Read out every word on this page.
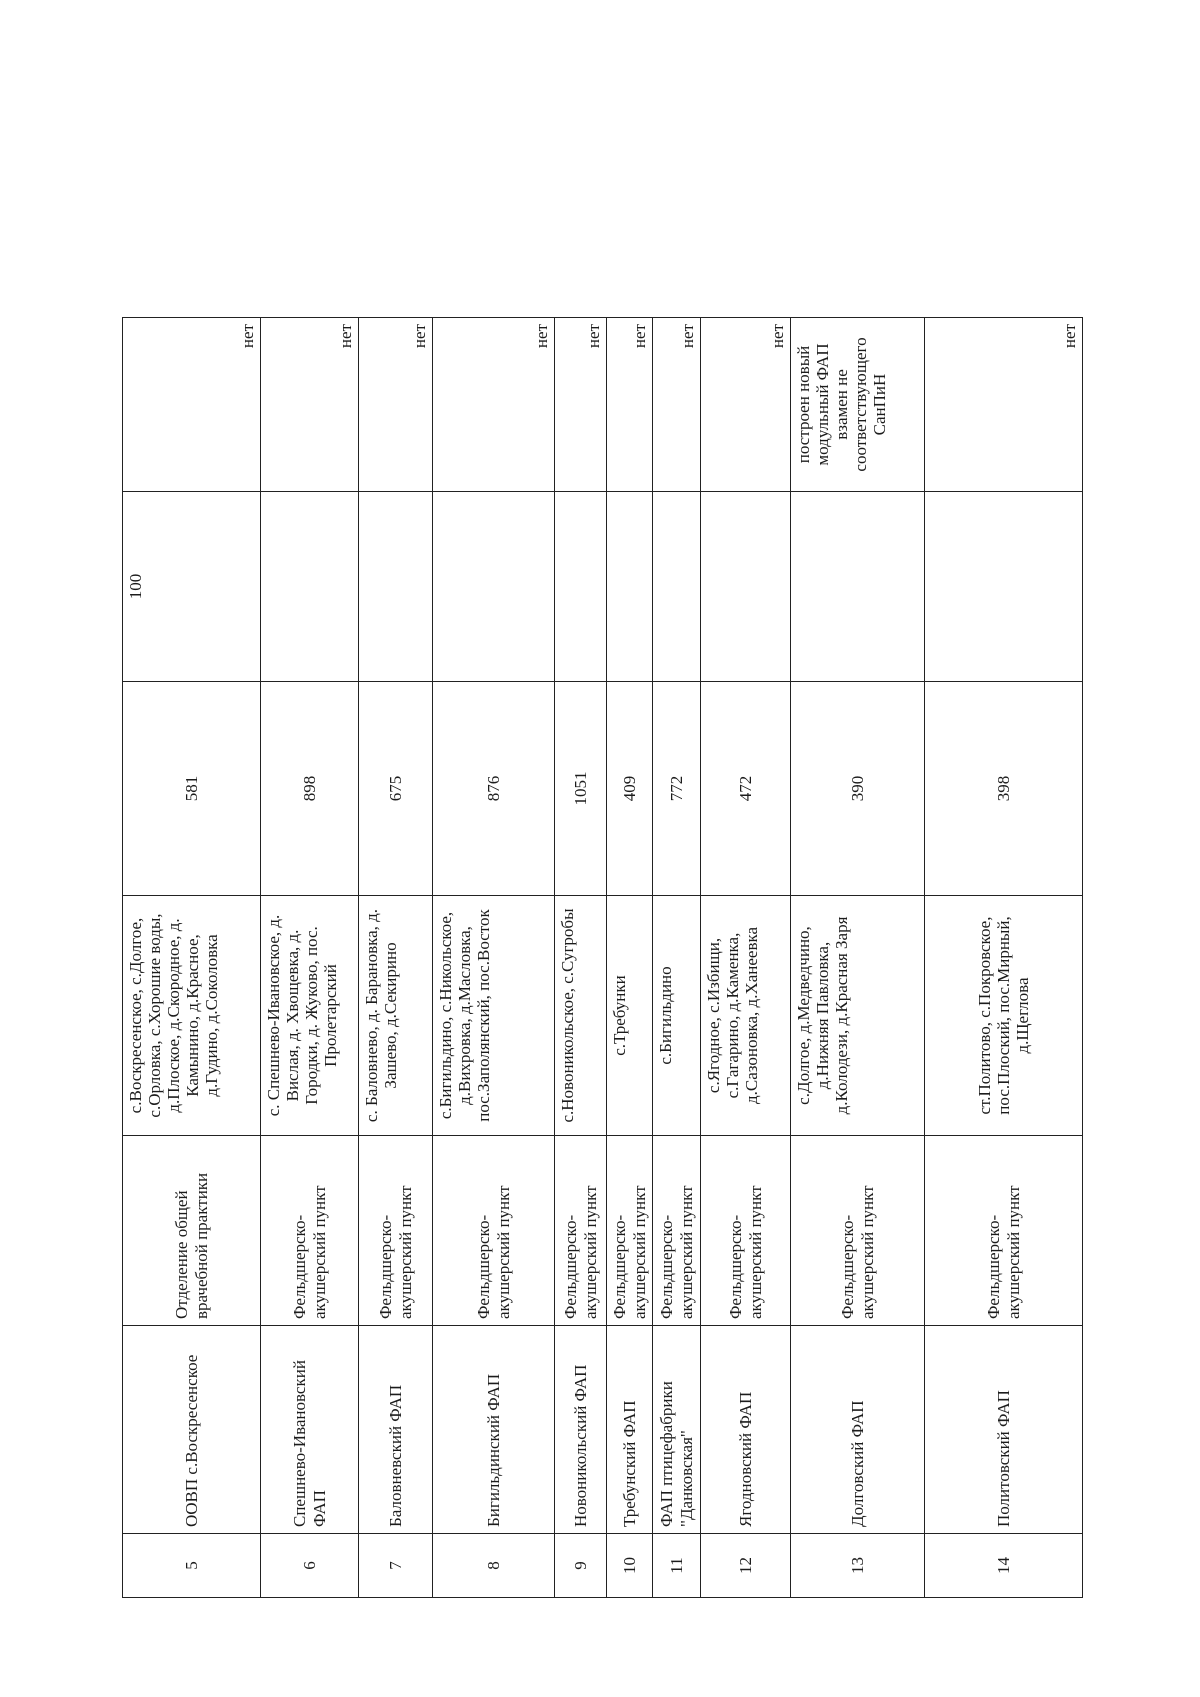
5	ООВП с.Воскресенское	Отделение общей врачебной практики	с.Воскресенское, с.Долгое, с.Орловка, с.Хорошие воды, д.Плоское, д.Скородное, д. Камынино, д.Красное, д.Гудино, д.Соколовка	581	100	нет
6	Спешнево-Ивановский ФАП	Фельдшерско-акушерский пункт	с. Спешнево-Ивановское, д. Вислая, д. Хвощевка, д. Городки, д. Жуково, пос. Пролетарский	898		нет
7	Баловневский ФАП	Фельдшерско-акушерский пункт	с. Баловнево, д. Барановка, д. Зашево, д.Секирино	675		нет
8	Бигильдинский ФАП	Фельдшерско-акушерский пункт	с.Бигильдино, с.Никольское, д.Вихровка, д.Масловка, пос.Заполянский, пос.Восток	876		нет
9	Новоникольский ФАП	Фельдшерско-акушерский пункт	с.Новоникольское, с.Сугробы	1051		нет
10	Требунский ФАП	Фельдшерско-акушерский пункт	с.Требунки	409		нет
11	ФАП птицефабрики "Данковская"	Фельдшерско-акушерский пункт	с.Бигильдино	772		нет
12	Ягодновский ФАП	Фельдшерско-акушерский пункт	с.Ягодное, с.Избищи, с.Гагарино, д.Каменка, д.Сазоновка, д.Ханеевка	472		нет
13	Долговский ФАП	Фельдшерско-акушерский пункт	с.Долгое, д.Медведчино, д.Нижняя Павловка, д.Колодези, д.Красная Заря	390		построен новый модульный ФАП взамен не соответствующего СанПиН
14	Политовский ФАП	Фельдшерско-акушерский пункт	ст.Политово, с.Покровское, пос.Плоский, пос.Мирный, д.Щеглова	398		нет
